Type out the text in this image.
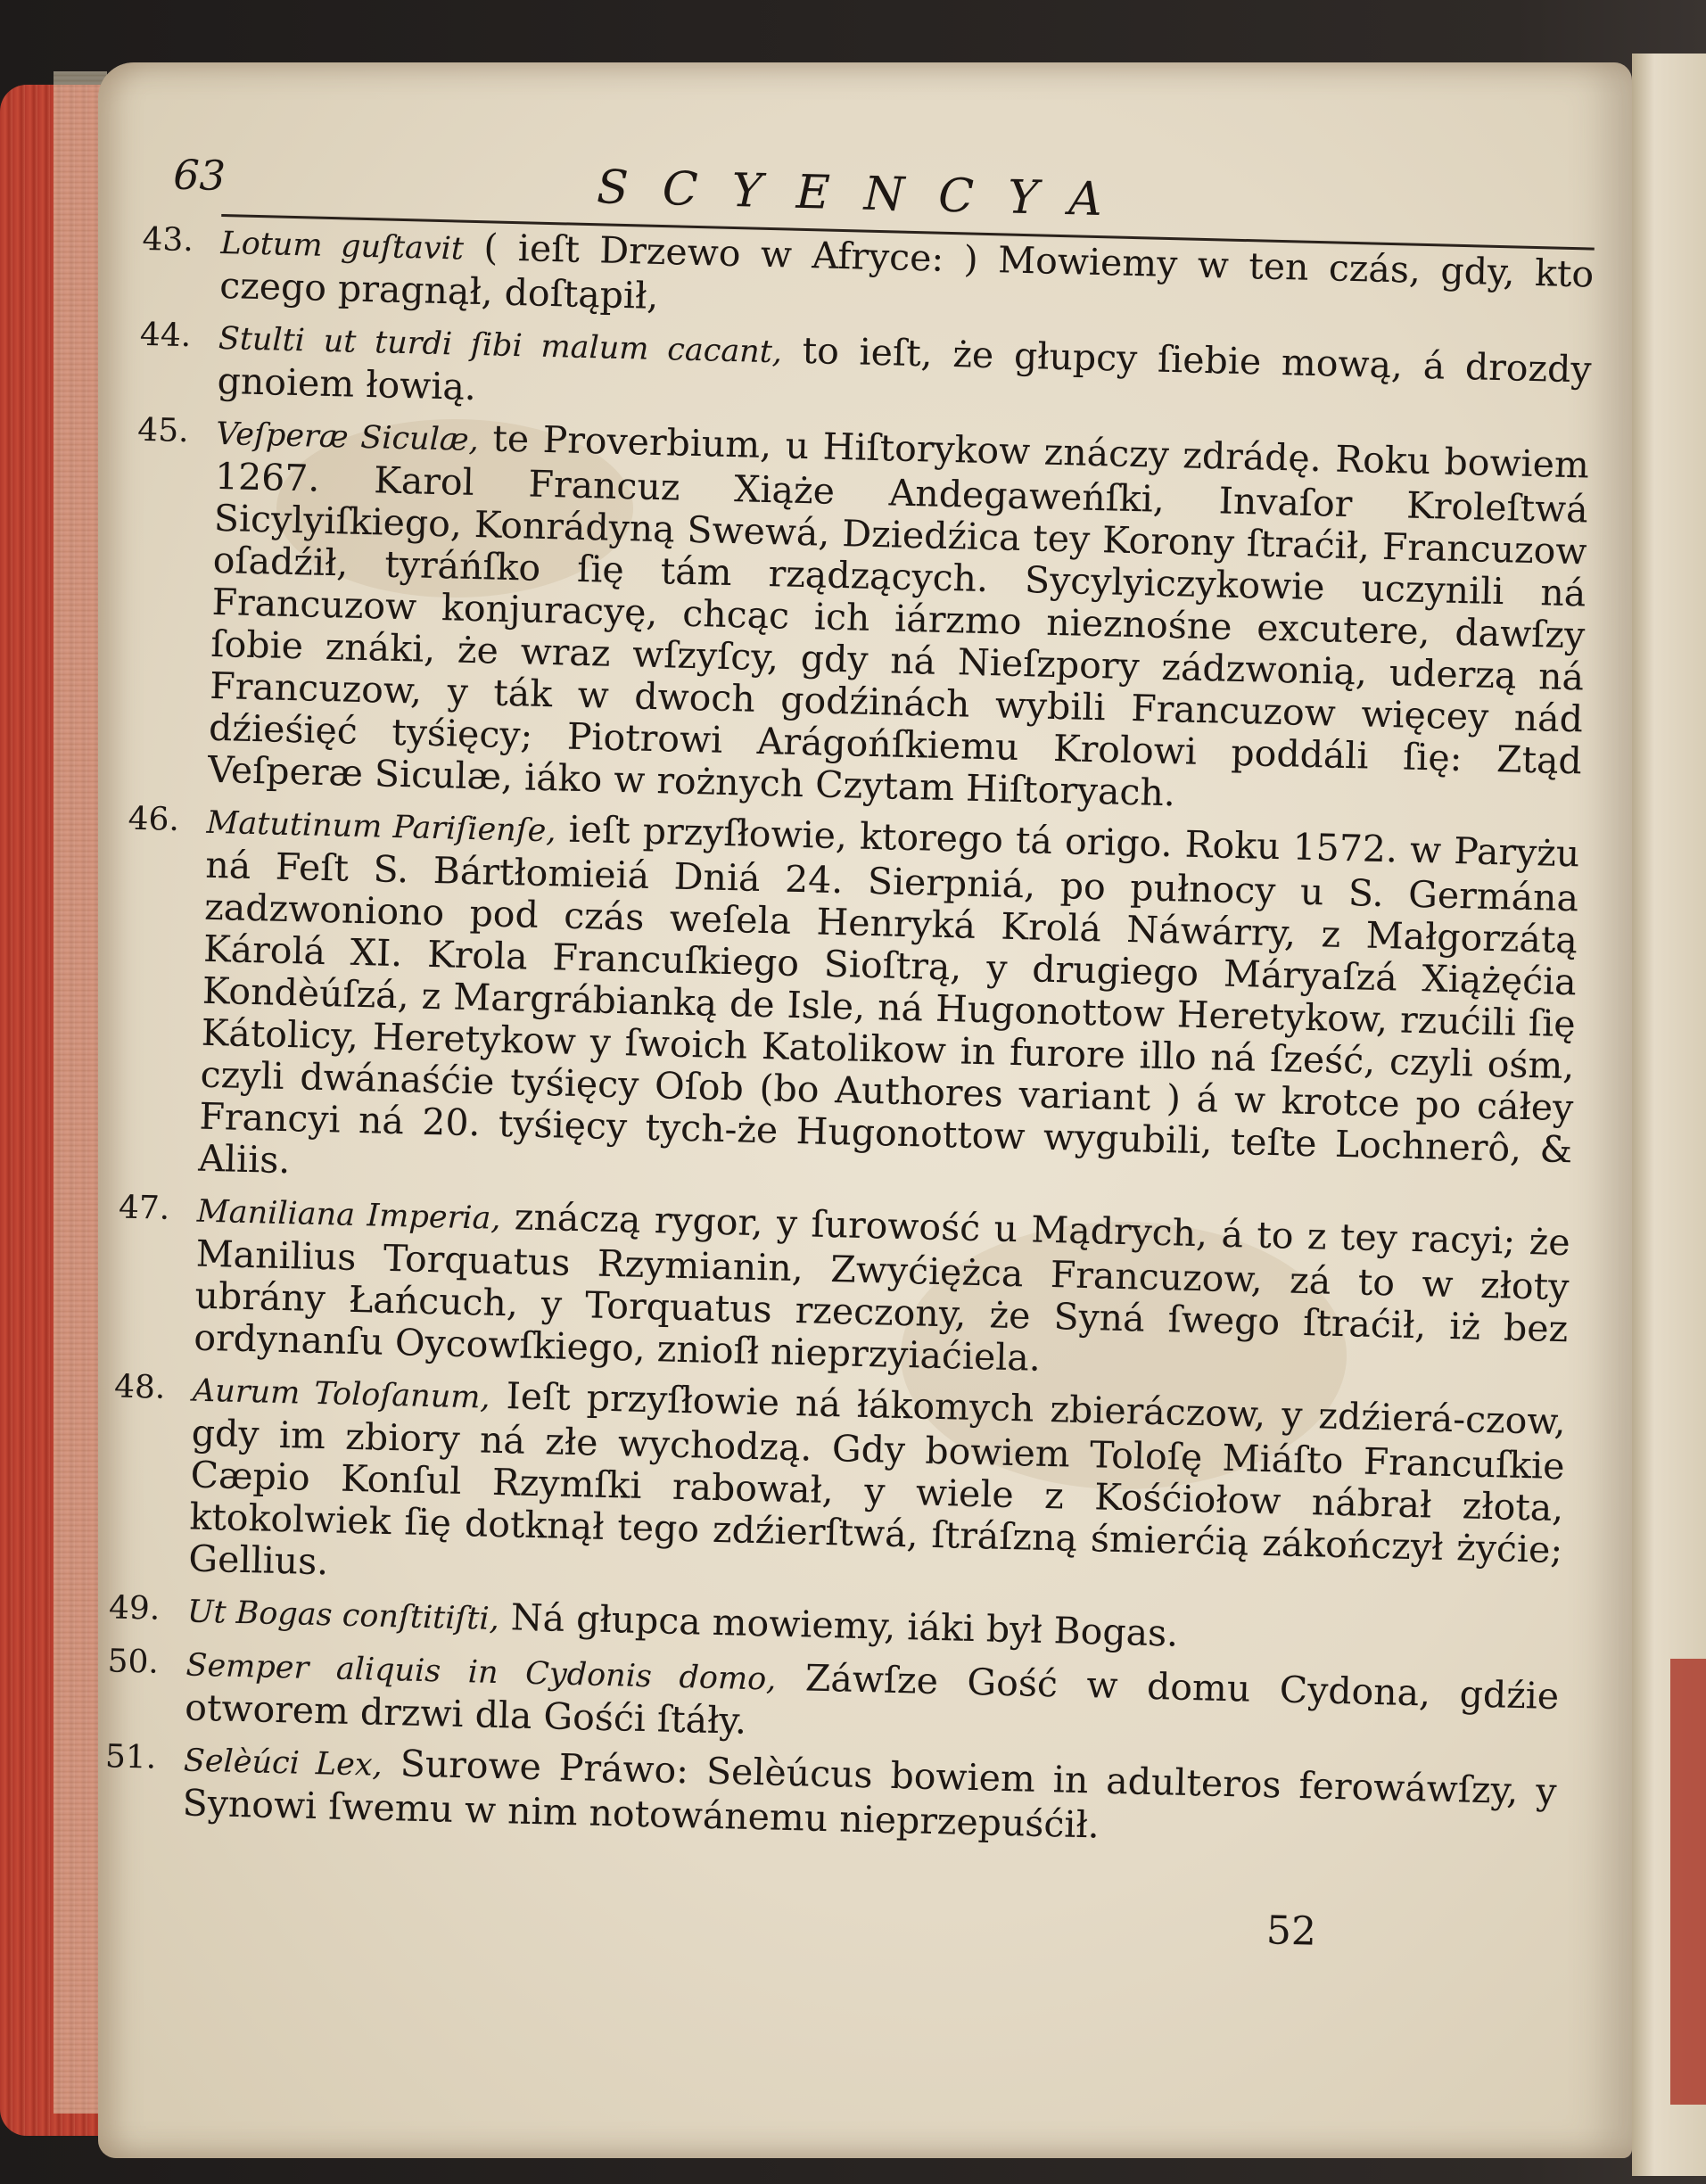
63	SCYENCYA
43. Lotum guſtavit ( ieſt Drzewo w Afryce: ) Mowiemy w ten czás, gdy, kto czego pragnął, doſtąpił,
44. Stulti ut turdi ſibi malum cacant, to ieſt, że głupcy ſiebie mową, á drozdy gnoiem łowią.
45. Veſperæ Siculæ, te Proverbium, u Hiſtorykow znáczy zdrádę. Roku bowiem 1267. Karol Francuz Xiąże Andegaweńſki, Invaſor Kroleſtwá Sicylyiſkiego, Konrádyną Swewá, Dziedźica tey Korony ſtraćił, Francuzow oſadźił, tyráńſko ſię tám rządzących. Sycylyiczykowie uczynili ná Francuzow konjuracyę, chcąc ich iárzmo nieznośne excutere, dawſzy ſobie znáki, że wraz wſzyſcy, gdy ná Nieſzpory zádzwonią, uderzą ná Francuzow, y ták w dwoch godźinách wybili Francuzow więcey nád dźieśięć tyśięcy; Piotrowi Arágońſkiemu Krolowi poddáli ſię: Ztąd Veſperæ Siculæ, iáko w rożnych Czytam Hiſtoryach.
46. Matutinum Pariſienſe, ieſt przyſłowie, ktorego tá origo. Roku 1572. w Paryżu ná Feſt S. Bártłomieiá Dniá 24. Sierpniá, po pułnocy u S. Germána zadzwoniono pod czás weſela Henryká Krolá Náwárry, z Małgorzátą Károlá XI. Krola Francuſkiego Sioſtrą, y drugiego Máryaſzá Xiążęćia Kondèúſzá, z Margrábianką de Isle, ná Hugonottow Heretykow, rzućili ſię Kátolicy, Heretykow y ſwoich Katolikow in furore illo ná ſześć, czyli ośm, czyli dwánaśćie tyśięcy Oſob (bo Authores variant ) á w krotce po cáłey Francyi ná 20. tyśięcy tych-że Hugonottow wygubili, teſte Lochnerô, & Aliis.
47. Maniliana Imperia, znáczą rygor, y ſurowość u Mądrych, á to z tey racyi; że Manilius Torquatus Rzymianin, Zwyćiężca Francuzow, zá to w złoty ubrány Łańcuch, y Torquatus rzeczony, że Syná ſwego ſtraćił, iż bez ordynanſu Oycowſkiego, znioſł nieprzyiaćiela.
48. Aurum Toloſanum, Ieſt przyſłowie ná łákomych zbieráczow, y zdźierá-czow, gdy im zbiory ná złe wychodzą. Gdy bowiem Toloſę Miáſto Francuſkie Cæpio Konſul Rzymſki rabował, y wiele z Kośćiołow nábrał złota, ktokolwiek ſię dotknął tego zdźierſtwá, ſtráſzną śmierćią zákończył żyćie; Gellius.
49. Ut Bogas conſtitiſti, Ná głupca mowiemy, iáki był Bogas.
50. Semper aliquis in Cydonis domo, Záwſze Gość w domu Cydona, gdźie otworem drzwi dla Gośći ſtáły.
51. Selèúci Lex, Surowe Práwo: Selèúcus bowiem in adulteros ferowáwſzy, y Synowi ſwemu w nim notowánemu nieprzepuśćił.
52
